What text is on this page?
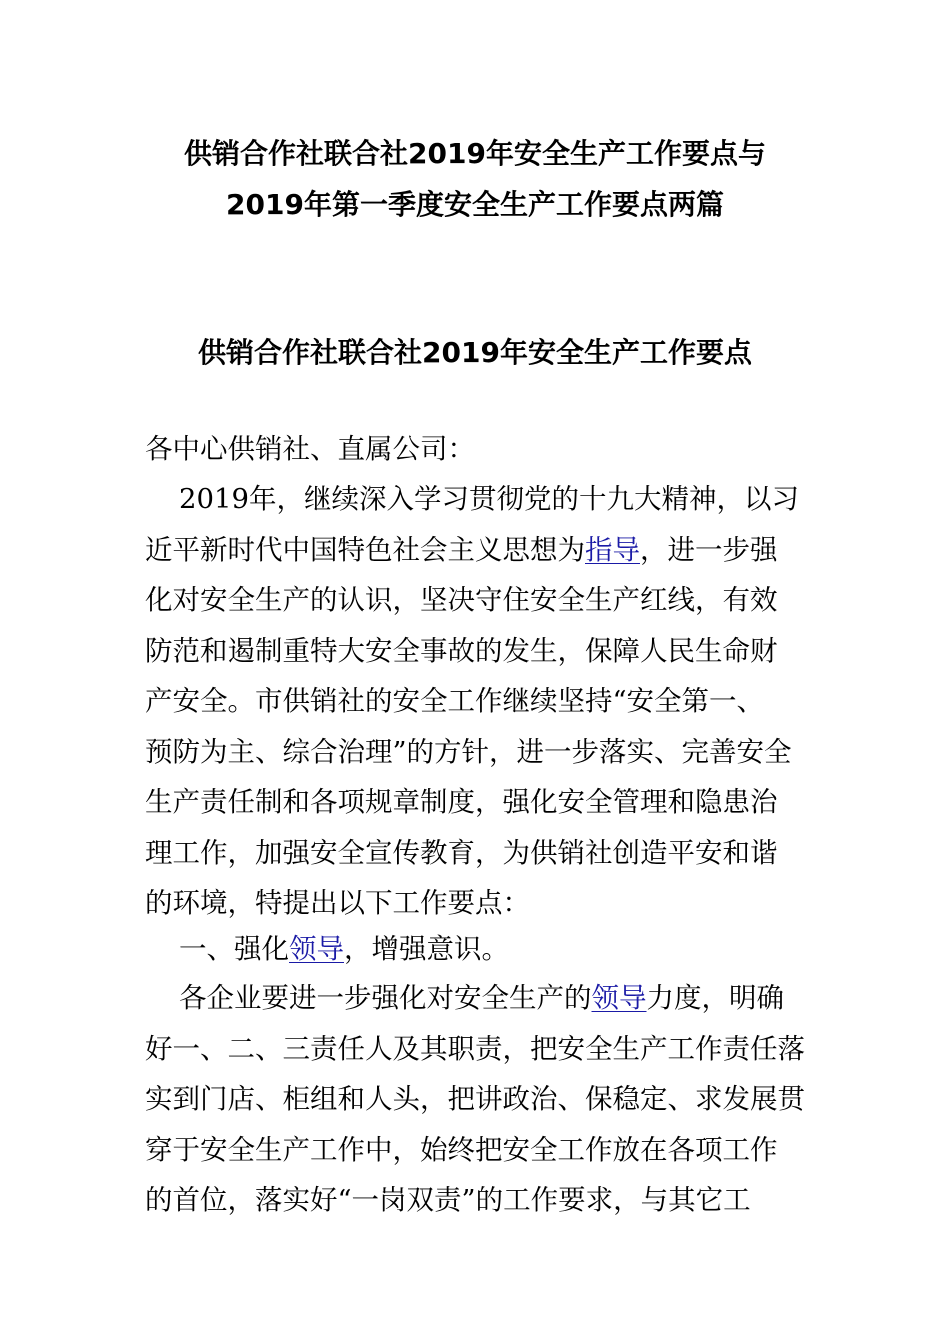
供销合作社联合社2019年安全生产工作要点与
2019年第一季度安全生产工作要点两篇
供销合作社联合社2019年安全生产工作要点
各中心供销社、直属公司：
2019年，继续深入学习贯彻党的十九大精神，以习
近平新时代中国特色社会主义思想为指导，进一步强
化对安全生产的认识，坚决守住安全生产红线，有效
防范和遏制重特大安全事故的发生，保障人民生命财
产安全。市供销社的安全工作继续坚持“安全第一、
预防为主、综合治理”的方针，进一步落实、完善安全
生产责任制和各项规章制度，强化安全管理和隐患治
理工作，加强安全宣传教育，为供销社创造平安和谐
的环境，特提出以下工作要点：
一、强化领导，增强意识。
各企业要进一步强化对安全生产的领导力度，明确
好一、二、三责任人及其职责，把安全生产工作责任落
实到门店、柜组和人头，把讲政治、保稳定、求发展贯
穿于安全生产工作中，始终把安全工作放在各项工作
的首位，落实好“一岗双责”的工作要求，与其它工
